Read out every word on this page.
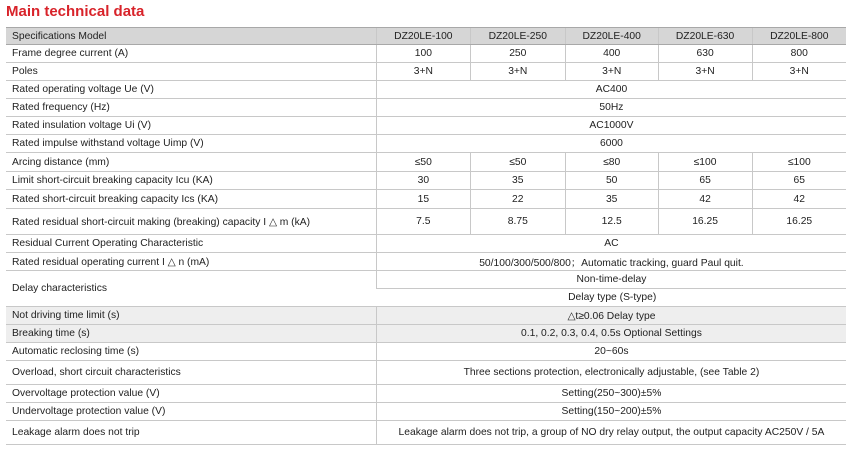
Main technical data
Specifications Model	DZ20LE-100	DZ20LE-250	DZ20LE-400	DZ20LE-630	DZ20LE-800
Frame degree current (A)	100	250	400	630	800
Poles	3+N	3+N	3+N	3+N	3+N
Rated operating voltage Ue (V)	AC400				
Rated frequency (Hz)	50Hz				
Rated insulation voltage Ui (V)	AC1000V				
Rated impulse withstand voltage Uimp (V)	6000				
Arcing distance (mm)	≤50	≤50	≤80	≤100	≤100
Limit short-circuit breaking capacity Icu (KA)	30	35	50	65	65
Rated short-circuit breaking capacity Ics (KA)	15	22	35	42	42
Rated residual short-circuit making (breaking) capacity I △ m (kA)	7.5	8.75	12.5	16.25	16.25
Residual Current Operating Characteristic	AC				
Rated residual operating current I △ n (mA)	50/100/300/500/800；Automatic tracking, guard Paul quit.				
Delay characteristics	Non-time-delay				
	Delay type (S-type)				
Not driving time limit (s)	△t≥0.06 Delay type				
Breaking time (s)	0.1, 0.2, 0.3, 0.4, 0.5s Optional Settings				
Automatic reclosing time (s)	20~60s				
Overload, short circuit characteristics	Three sections protection, electronically adjustable, (see Table 2)				
Overvoltage protection value (V)	Setting(250~300)±5%				
Undervoltage protection value (V)	Setting(150~200)±5%				
Leakage alarm does not trip	Leakage alarm does not trip, a group of NO dry relay output, the output capacity AC250V / 5A				
